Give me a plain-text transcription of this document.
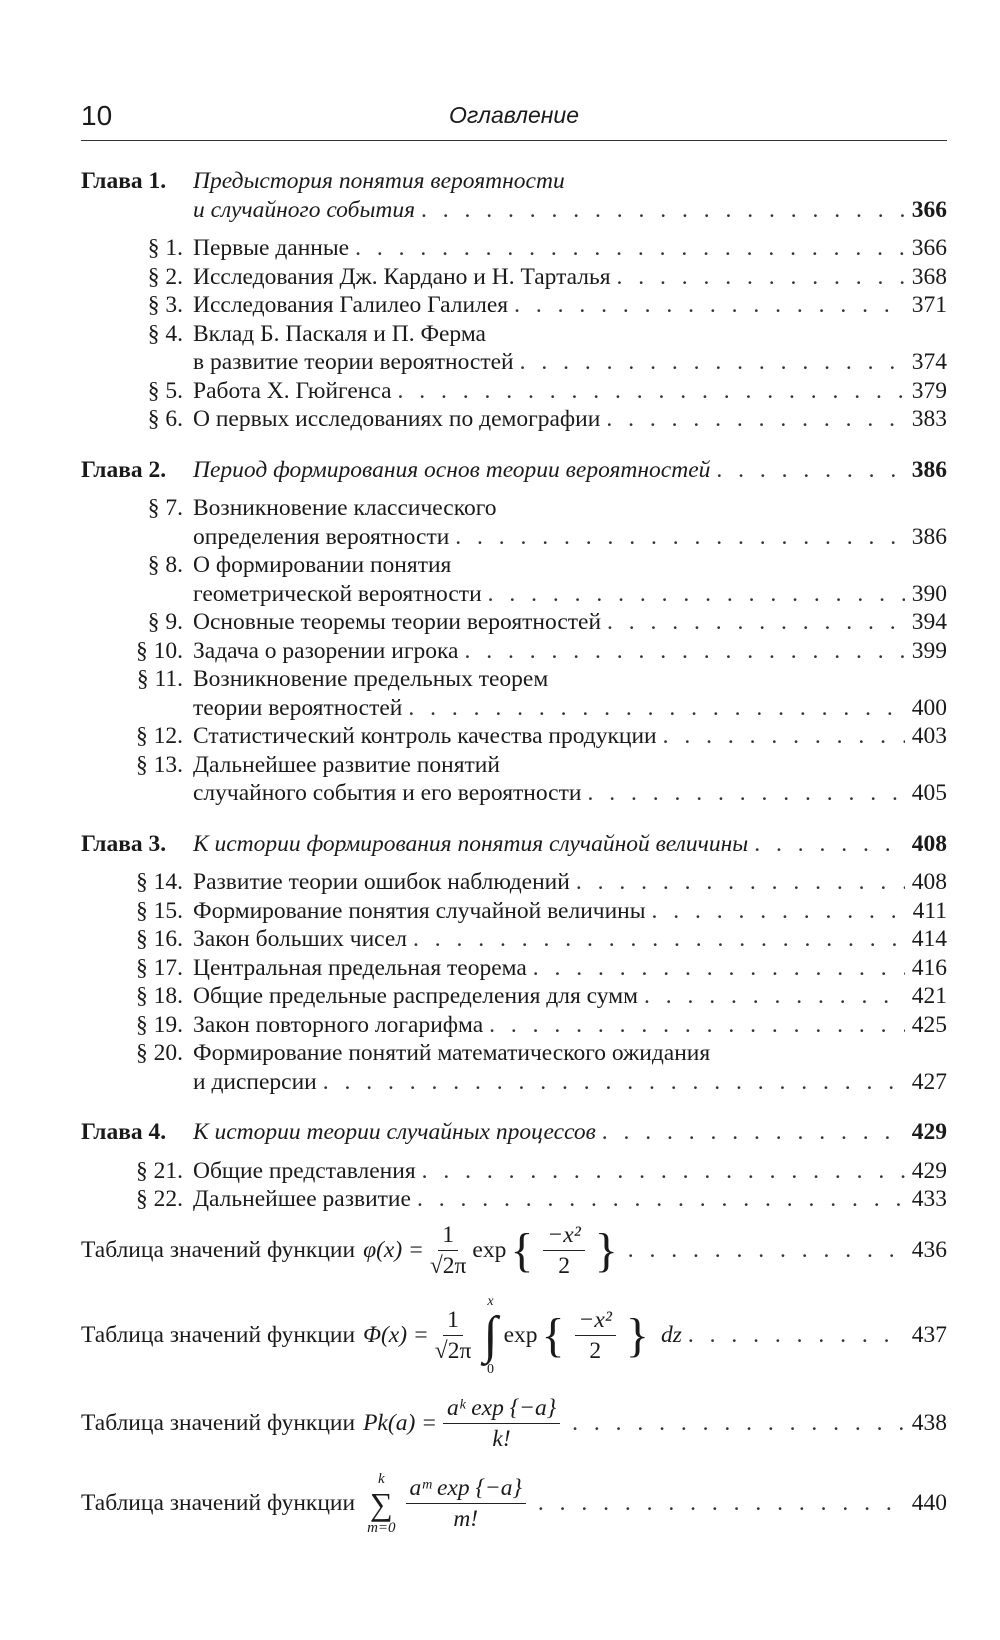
10	Оглавление
Глава 1.	Предыстория понятия вероятности
и случайного события . . .	366
§ 1. Первые данные . . .	366
§ 2. Исследования Дж. Кардано и Н. Тарталья . . .	368
§ 3. Исследования Галилео Галилея . . .	371
§ 4. Вклад Б. Паскаля и П. Ферма
в развитие теории вероятностей . . .	374
§ 5. Работа Х. Гюйгенса . . .	379
§ 6. О первых исследованиях по демографии . . .	383
Глава 2.	Период формирования основ теории вероятностей . . .	386
§ 7. Возникновение классического
определения вероятности . . .	386
§ 8. О формировании понятия
геометрической вероятности . . .	390
§ 9. Основные теоремы теории вероятностей . . .	394
§ 10. Задача о разорении игрока . . .	399
§ 11. Возникновение предельных теорем
теории вероятностей . . .	400
§ 12. Статистический контроль качества продукции . . .	403
§ 13. Дальнейшее развитие понятий
случайного события и его вероятности . . .	405
Глава 3.	К истории формирования понятия случайной величины . . .	408
§ 14. Развитие теории ошибок наблюдений . . .	408
§ 15. Формирование понятия случайной величины . . .	411
§ 16. Закон больших чисел . . .	414
§ 17. Центральная предельная теорема . . .	416
§ 18. Общие предельные распределения для сумм . . .	421
§ 19. Закон повторного логарифма . . .	425
§ 20. Формирование понятий математического ожидания
и дисперсии . . .	427
Глава 4.	К истории теории случайных процессов . . .	429
§ 21. Общие представления . . .	429
§ 22. Дальнейшее развитие . . .	433
Таблица значений функции $\varphi(x) = \frac{1}{√2\pi}$ exp { $\frac{\text{−x²}}{2}$ } . . .	436
Таблица значений функции $\Phi(x) = \frac{1}{√2\pi}$
x
∫
0
exp { $\frac{\text{−x²}}{2}$ } dz . . .	437
Таблица значений функции $Pk(a) = \frac{\text{aᵏ exp \{−a\}}}{k!}$ . . .	438
Таблица значений функции
k
∑
$m=0 \frac{\text{aᵐ exp \{−a\}}}{m!}$ . . .	440
